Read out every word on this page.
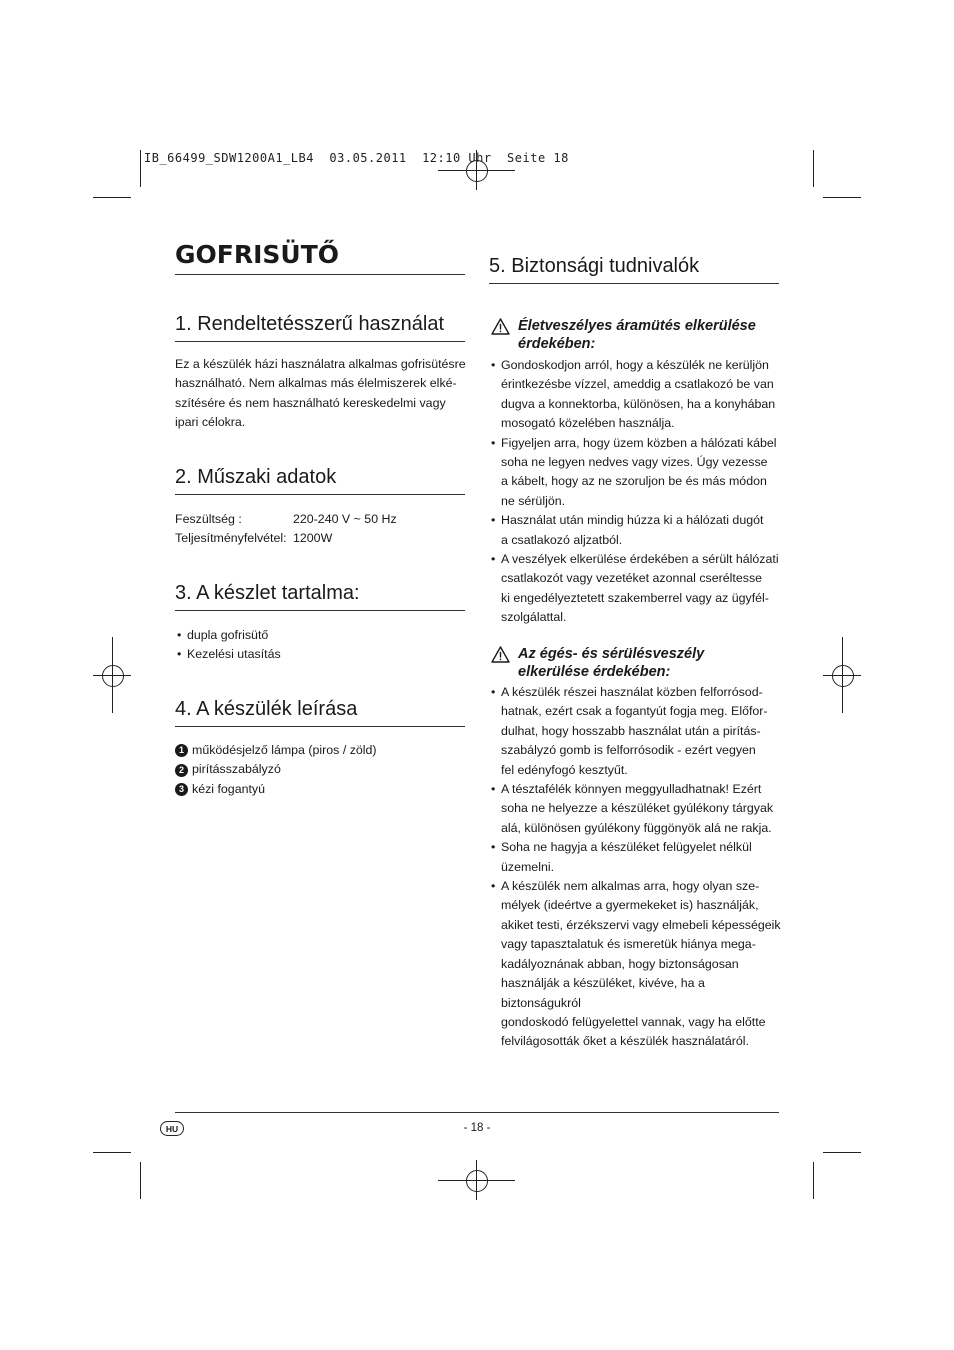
IB_66499_SDW1200A1_LB4  03.05.2011  12:10 Uhr  Seite 18
GOFRISÜTŐ
1. Rendeltetésszerű használat
Ez a készülék házi használatra alkalmas gofrisütésre
használható. Nem alkalmas más élelmiszerek elké-
szítésére és nem használható kereskedelmi vagy
ipari célokra.
2. Műszaki adatok
Feszültség :	220-240 V ~ 50 Hz
Teljesítményfelvétel:	1200W
3. A készlet tartalma:
• dupla gofrisütő
• Kezelési utasítás
4. A készülék leírása
1 működésjelző lámpa (piros / zöld)
2 pirításszabályzó
3 kézi fogantyú
5. Biztonsági tudnivalók
Életveszélyes áramütés elkerülése érdekében:
• Gondoskodjon arról, hogy a készülék ne kerüljön
érintkezésbe vízzel, ameddig a csatlakozó be van
dugva a konnektorba, különösen, ha a konyhában
mosogató közelében használja.
• Figyeljen arra, hogy üzem közben a hálózati kábel
soha ne legyen nedves vagy vizes. Úgy vezesse
a kábelt, hogy az ne szoruljon be és más módon
ne sérüljön.
• Használat után mindig húzza ki a hálózati dugót
a csatlakozó aljzatból.
• A veszélyek elkerülése érdekében a sérült hálózati
csatlakozót vagy vezetéket azonnal cseréltesse
ki engedélyeztetett szakemberrel vagy az ügyfél-
szolgálattal.
Az égés- és sérülésveszély elkerülése érdekében:
• A készülék részei használat közben felforrósod-
hatnak, ezért csak a fogantyút fogja meg. Előfor-
dulhat, hogy hosszabb használat után a pirítás-
szabályzó gomb is felforrósodik - ezért vegyen
fel edényfogó kesztyűt.
• A tésztafélék könnyen meggyulladhatnak! Ezért
soha ne helyezze a készüléket gyúlékony tárgyak
alá, különösen gyúlékony függönyök alá ne rakja.
• Soha ne hagyja a készüléket felügyelet nélkül
üzemelni.
• A készülék nem alkalmas arra, hogy olyan sze-
mélyek (ideértve a gyermekeket is) használják,
akiket testi, érzékszervi vagy elmebeli képességeik
vagy tapasztalatuk és ismeretük hiánya mega-
kadályoznának abban, hogy biztonságosan
használják a készüléket, kivéve, ha a biztonságukról
gondoskodó felügyelettel vannak, vagy ha előtte
felvilágosották őket a készülék használatáról.
HU	- 18 -
